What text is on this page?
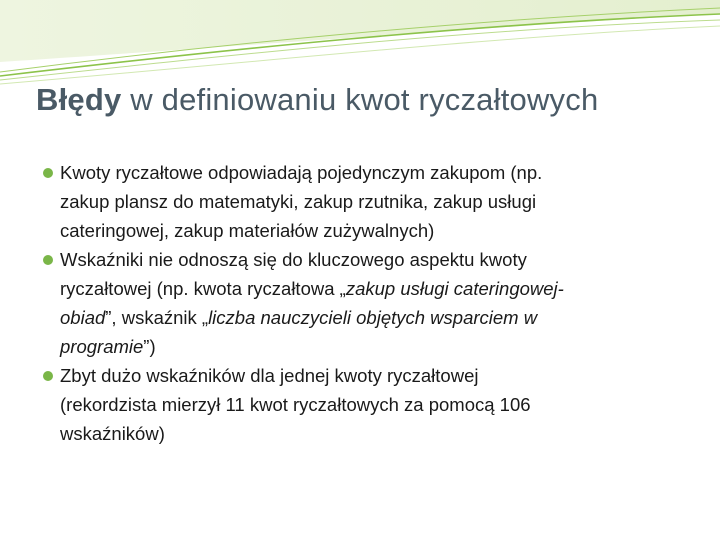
Błędy w definiowaniu kwot ryczałtowych
Kwoty ryczałtowe odpowiadają pojedynczym zakupom (np.
zakup plansz do matematyki, zakup rzutnika, zakup usługi
cateringowej, zakup materiałów zużywalnych)
Wskaźniki nie odnoszą się do kluczowego aspektu kwoty
ryczałtowej (np. kwota ryczałtowa „zakup usługi cateringowej-
obiad”, wskaźnik „liczba nauczycieli objętych wsparciem w
programie”)
Zbyt dużo wskaźników dla jednej kwoty ryczałtowej
(rekordzista mierzył 11 kwot ryczałtowych za pomocą 106
wskaźników)
